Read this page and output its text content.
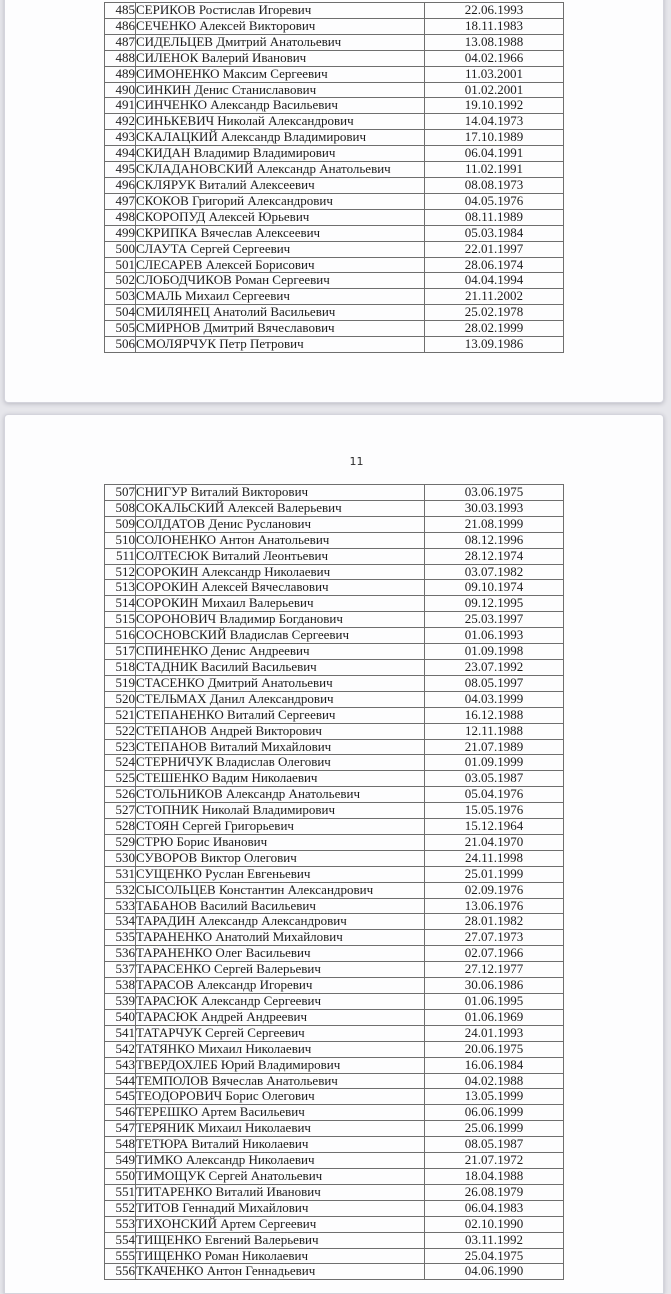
485	СЕРИКОВ Ростислав Игоревич	22.06.1993
486	СЕЧЕНКО Алексей Викторович	18.11.1983
487	СИДЕЛЬЦЕВ Дмитрий Анатольевич	13.08.1988
488	СИЛЕНОК Валерий Иванович	04.02.1966
489	СИМОНЕНКО Максим Сергеевич	11.03.2001
490	СИНКИН Денис Станиславович	01.02.2001
491	СИНЧЕНКО Александр Васильевич	19.10.1992
492	СИНЬКЕВИЧ Николай Александрович	14.04.1973
493	СКАЛАЦКИЙ Александр Владимирович	17.10.1989
494	СКИДАН Владимир Владимирович	06.04.1991
495	СКЛАДАНОВСКИЙ Александр Анатольевич	11.02.1991
496	СКЛЯРУК Виталий Алексеевич	08.08.1973
497	СКОКОВ Григорий Александрович	04.05.1976
498	СКОРОПУД Алексей Юрьевич	08.11.1989
499	СКРИПКА Вячеслав Алексеевич	05.03.1984
500	СЛАУТА Сергей Сергеевич	22.01.1997
501	СЛЕСАРЕВ Алексей Борисович	28.06.1974
502	СЛОБОДЧИКОВ Роман Сергеевич	04.04.1994
503	СМАЛЬ Михаил Сергеевич	21.11.2002
504	СМИЛЯНЕЦ Анатолий Васильевич	25.02.1978
505	СМИРНОВ Дмитрий Вячеславович	28.02.1999
506	СМОЛЯРЧУК Петр Петрович	13.09.1986
11
507	СНИГУР Виталий Викторович	03.06.1975
508	СОКАЛЬСКИЙ Алексей Валерьевич	30.03.1993
509	СОЛДАТОВ Денис Русланович	21.08.1999
510	СОЛОНЕНКО Антон Анатольевич	08.12.1996
511	СОЛТЕСЮК Виталий Леонтьевич	28.12.1974
512	СОРОКИН Александр Николаевич	03.07.1982
513	СОРОКИН Алексей Вячеславович	09.10.1974
514	СОРОКИН Михаил Валерьевич	09.12.1995
515	СОРОНОВИЧ Владимир Богданович	25.03.1997
516	СОСНОВСКИЙ Владислав Сергеевич	01.06.1993
517	СПИНЕНКО Денис Андреевич	01.09.1998
518	СТАДНИК Василий Васильевич	23.07.1992
519	СТАСЕНКО Дмитрий Анатольевич	08.05.1997
520	СТЕЛЬМАХ Данил Александрович	04.03.1999
521	СТЕПАНЕНКО Виталий Сергеевич	16.12.1988
522	СТЕПАНОВ Андрей Викторович	12.11.1988
523	СТЕПАНОВ Виталий Михайлович	21.07.1989
524	СТЕРНИЧУК Владислав Олегович	01.09.1999
525	СТЕШЕНКО Вадим Николаевич	03.05.1987
526	СТОЛЬНИКОВ Александр Анатольевич	05.04.1976
527	СТОПНИК Николай Владимирович	15.05.1976
528	СТОЯН Сергей Григорьевич	15.12.1964
529	СТРЮ Борис Иванович	21.04.1970
530	СУВОРОВ Виктор Олегович	24.11.1998
531	СУЩЕНКО Руслан Евгеньевич	25.01.1999
532	СЫСОЛЬЦЕВ Константин Александрович	02.09.1976
533	ТАБАНОВ Василий Васильевич	13.06.1976
534	ТАРАДИН Александр Александрович	28.01.1982
535	ТАРАНЕНКО Анатолий Михайлович	27.07.1973
536	ТАРАНЕНКО Олег Васильевич	02.07.1966
537	ТАРАСЕНКО Сергей Валерьевич	27.12.1977
538	ТАРАСОВ Александр Игоревич	30.06.1986
539	ТАРАСЮК Александр Сергеевич	01.06.1995
540	ТАРАСЮК Андрей Андреевич	01.06.1969
541	ТАТАРЧУК Сергей Сергеевич	24.01.1993
542	ТАТЯНКО Михаил Николаевич	20.06.1975
543	ТВЕРДОХЛЕБ Юрий Владимирович	16.06.1984
544	ТЕМПОЛОВ Вячеслав Анатольевич	04.02.1988
545	ТЕОДОРОВИЧ Борис Олегович	13.05.1999
546	ТЕРЕШКО Артем Васильевич	06.06.1999
547	ТЕРЯНИК Михаил Николаевич	25.06.1999
548	ТЕТЮРА Виталий Николаевич	08.05.1987
549	ТИМКО Александр Николаевич	21.07.1972
550	ТИМОЩУК Сергей Анатольевич	18.04.1988
551	ТИТАРЕНКО Виталий Иванович	26.08.1979
552	ТИТОВ Геннадий Михайлович	06.04.1983
553	ТИХОНСКИЙ Артем Сергеевич	02.10.1990
554	ТИЩЕНКО Евгений Валерьевич	03.11.1992
555	ТИЩЕНКО Роман Николаевич	25.04.1975
556	ТКАЧЕНКО Антон Геннадьевич	04.06.1990
